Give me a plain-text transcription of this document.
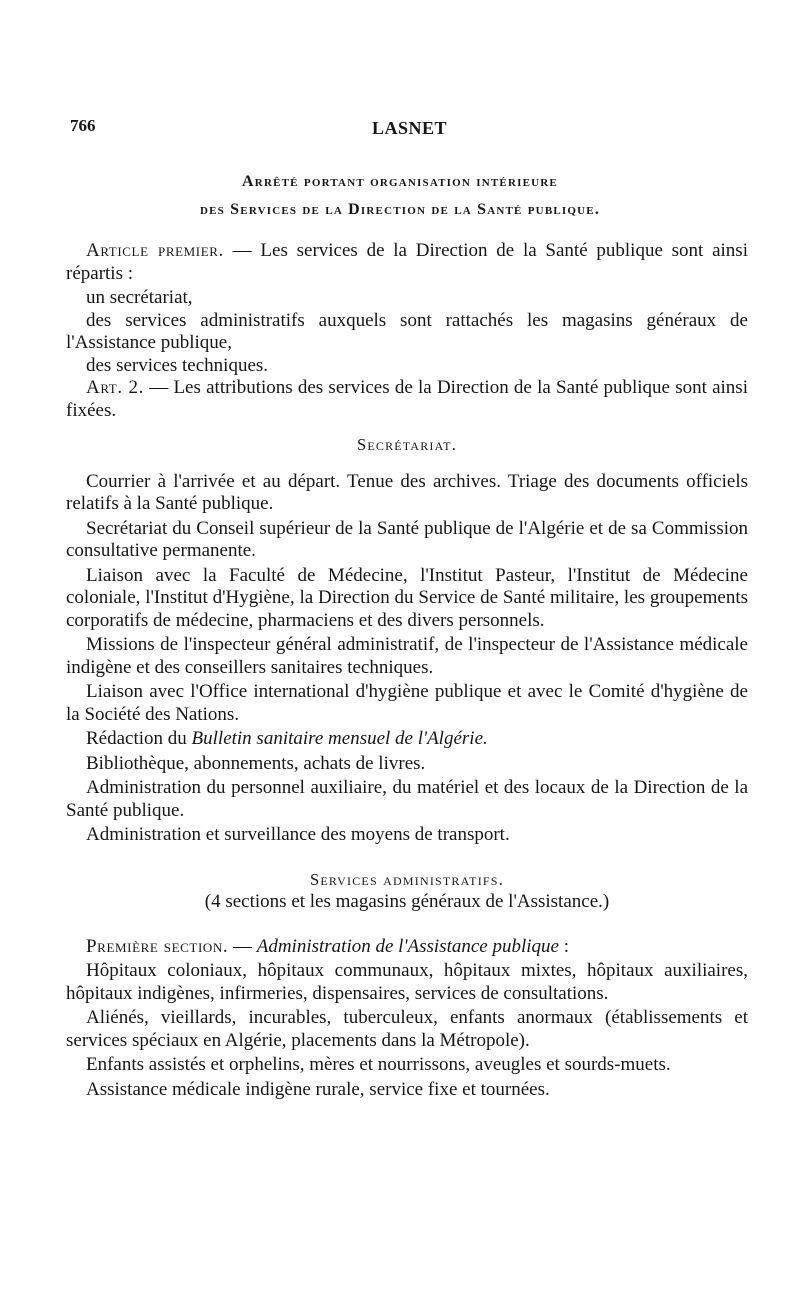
766	LASNET
Arrêté portant organisation intérieure
des Services de la Direction de la Santé publique.

Article premier. — Les services de la Direction de la Santé publique sont ainsi répartis :

un secrétariat,

des services administratifs auxquels sont rattachés les magasins généraux de l'Assistance publique,

des services techniques.

Art. 2. — Les attributions des services de la Direction de la Santé publique sont ainsi fixées.

Secrétariat.

Courrier à l'arrivée et au départ. Tenue des archives. Triage des documents officiels relatifs à la Santé publique.

Secrétariat du Conseil supérieur de la Santé publique de l'Algérie et de sa Commission consultative permanente.

Liaison avec la Faculté de Médecine, l'Institut Pasteur, l'Institut de Médecine coloniale, l'Institut d'Hygiène, la Direction du Service de Santé militaire, les groupements corporatifs de médecine, pharmaciens et des divers personnels.

Missions de l'inspecteur général administratif, de l'inspecteur de l'Assistance médicale indigène et des conseillers sanitaires techniques.

Liaison avec l'Office international d'hygiène publique et avec le Comité d'hygiène de la Société des Nations.

Rédaction du Bulletin sanitaire mensuel de l'Algérie.

Bibliothèque, abonnements, achats de livres.

Administration du personnel auxiliaire, du matériel et des locaux de la Direction de la Santé publique.

Administration et surveillance des moyens de transport.

Services administratifs.
(4 sections et les magasins généraux de l'Assistance.)

Première section. — Administration de l'Assistance publique :

Hôpitaux coloniaux, hôpitaux communaux, hôpitaux mixtes, hôpitaux auxiliaires, hôpitaux indigènes, infirmeries, dispensaires, services de consultations.

Aliénés, vieillards, incurables, tuberculeux, enfants anormaux (établissements et services spéciaux en Algérie, placements dans la Métropole).

Enfants assistés et orphelins, mères et nourrissons, aveugles et sourds-muets.

Assistance médicale indigène rurale, service fixe et tournées.
